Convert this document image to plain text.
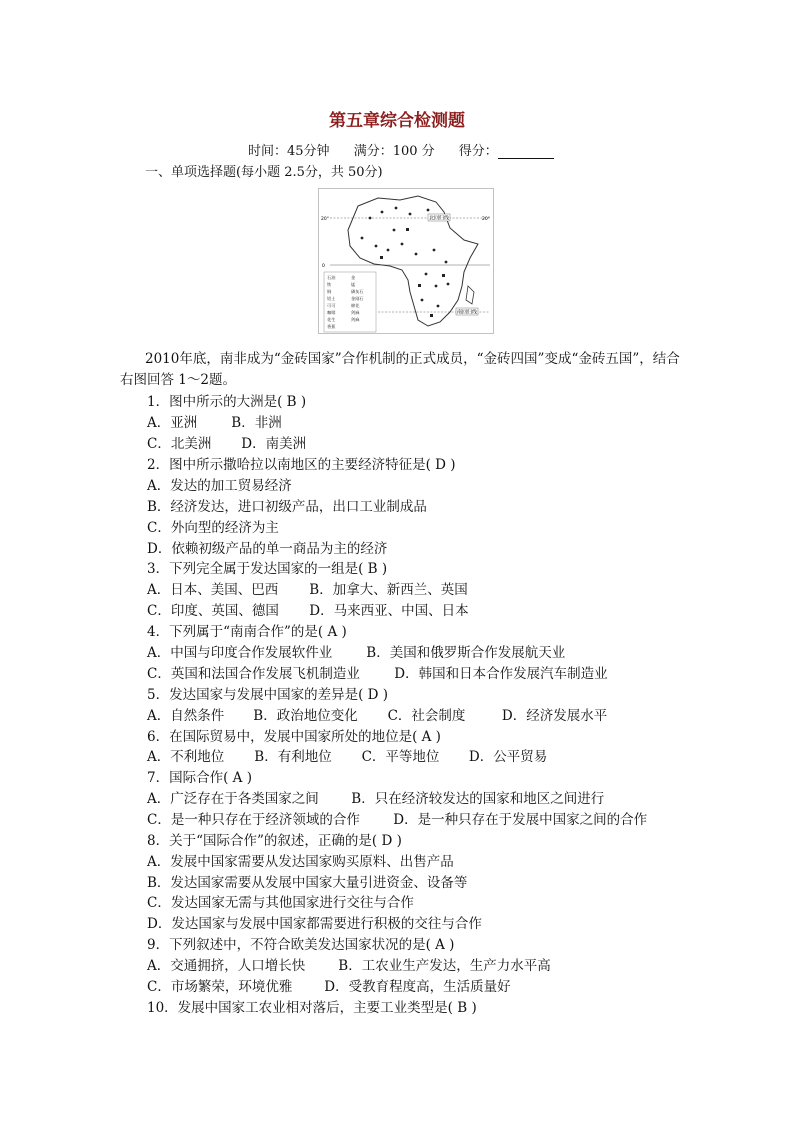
第五章综合检测题
时间：45分钟 满分：100 分 得分：
一、单项选择题(每小题 2.5分，共 50分)
北回归线
南回归线
20°
0
20°
石油
铁
铜
铝土
可可
咖啡
花生
香蕉
金
锰
磷灰石
金刚石
棉花
剑麻
剑麻
2010年底，南非成为“金砖国家”合作机制的正式成员，“金砖四国”变成“金砖五国”，结合右图回答 1～2题。
1．图中所示的大洲是( B )
A．亚洲	B．非洲
C．北美洲 D．南美洲
2．图中所示撒哈拉以南地区的主要经济特征是( D )
A．发达的加工贸易经济
B．经济发达，进口初级产品，出口工业制成品
C．外向型的经济为主
D．依赖初级产品的单一商品为主的经济
3．下列完全属于发达国家的一组是( B )
A．日本、美国、巴西 B．加拿大、新西兰、英国
C．印度、英国、德国 D．马来西亚、中国、日本
4．下列属于“南南合作”的是( A )
A．中国与印度合作发展软件业	B．美国和俄罗斯合作发展航天业
C．英国和法国合作发展飞机制造业	D．韩国和日本合作发展汽车制造业
5．发达国家与发展中国家的差异是( D )
A．自然条件 B．政治地位变化 C．社会制度	D．经济发展水平
6．在国际贸易中，发展中国家所处的地位是( A )
A．不利地位 B．有利地位 C．平等地位 D．公平贸易
7．国际合作( A )
A．广泛存在于各类国家之间 B．只在经济较发达的国家和地区之间进行
C．是一种只存在于经济领域的合作 D．是一种只存在于发展中国家之间的合作
8．关于“国际合作”的叙述，正确的是( D )
A．发展中国家需要从发达国家购买原料、出售产品
B．发达国家需要从发展中国家大量引进资金、设备等
C．发达国家无需与其他国家进行交往与合作
D．发达国家与发展中国家都需要进行积极的交往与合作
9．下列叙述中，不符合欧美发达国家状况的是( A )
A．交通拥挤，人口增长快 B．工农业生产发达，生产力水平高
C．市场繁荣，环境优雅 D．受教育程度高，生活质量好
10．发展中国家工农业相对落后，主要工业类型是( B )
